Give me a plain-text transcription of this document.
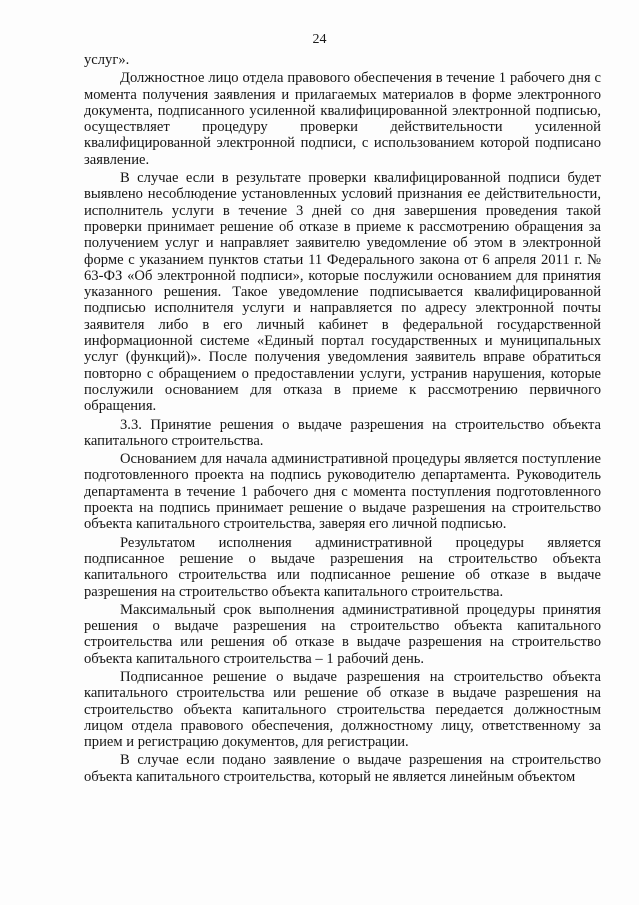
24

услуг».

Должностное лицо отдела правового обеспечения в течение 1 рабочего дня с момента получения заявления и прилагаемых материалов в форме электронного документа, подписанного усиленной квалифицированной электронной подписью, осуществляет процедуру проверки действительности усиленной квалифицированной электронной подписи, с использованием которой подписано заявление.

В случае если в результате проверки квалифицированной подписи будет выявлено несоблюдение установленных условий признания ее действительности, исполнитель услуги в течение 3 дней со дня завершения проведения такой проверки принимает решение об отказе в приеме к рассмотрению обращения за получением услуг и направляет заявителю уведомление об этом в электронной форме с указанием пунктов статьи 11 Федерального закона от 6 апреля 2011 г. № 63-ФЗ «Об электронной подписи», которые послужили основанием для принятия указанного решения. Такое уведомление подписывается квалифицированной подписью исполнителя услуги и направляется по адресу электронной почты заявителя либо в его личный кабинет в федеральной государственной информационной системе «Единый портал государственных и муниципальных услуг (функций)». После получения уведомления заявитель вправе обратиться повторно с обращением о предоставлении услуги, устранив нарушения, которые послужили основанием для отказа в приеме к рассмотрению первичного обращения.

3.3. Принятие решения о выдаче разрешения на строительство объекта капитального строительства.

Основанием для начала административной процедуры является поступление подготовленного проекта на подпись руководителю департамента. Руководитель департамента в течение 1 рабочего дня с момента поступления подготовленного проекта на подпись принимает решение о выдаче разрешения на строительство объекта капитального строительства, заверяя его личной подписью.

Результатом исполнения административной процедуры является подписанное решение о выдаче разрешения на строительство объекта капитального строительства или подписанное решение об отказе в выдаче разрешения на строительство объекта капитального строительства.

Максимальный срок выполнения административной процедуры принятия решения о выдаче разрешения на строительство объекта капитального строительства или решения об отказе в выдаче разрешения на строительство объекта капитального строительства – 1 рабочий день.

Подписанное решение о выдаче разрешения на строительство объекта капитального строительства или решение об отказе в выдаче разрешения на строительство объекта капитального строительства передается должностным лицом отдела правового обеспечения, должностному лицу, ответственному за прием и регистрацию документов, для регистрации.

В случае если подано заявление о выдаче разрешения на строительство объекта капитального строительства, который не является линейным объектом
